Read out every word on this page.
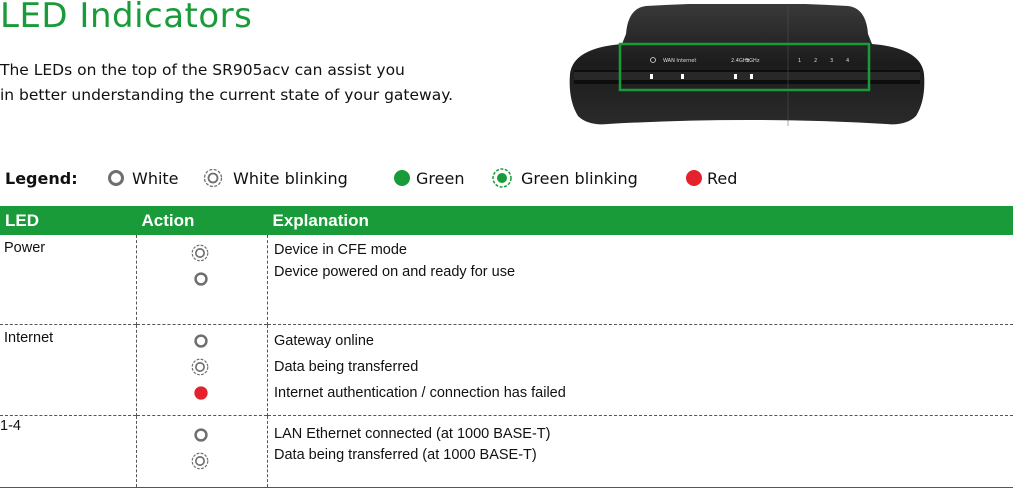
LED Indicators
The LEDs on the top of the SR905acv can assist you
in better understanding the current state of your gateway.
WAN Internet	2.4GHz
5GHz	1	2	3	4
Legend:	White	White blinking	Green	Green blinking	Red
LED	Action	Explanation

Power		Device in CFE mode
Device powered on and ready for use

Internet		Gateway online
Data being transferred
Internet authentication / connection has failed

1-4		LAN Ethernet connected (at 1000 BASE-T)
Data being transferred (at 1000 BASE-T)
